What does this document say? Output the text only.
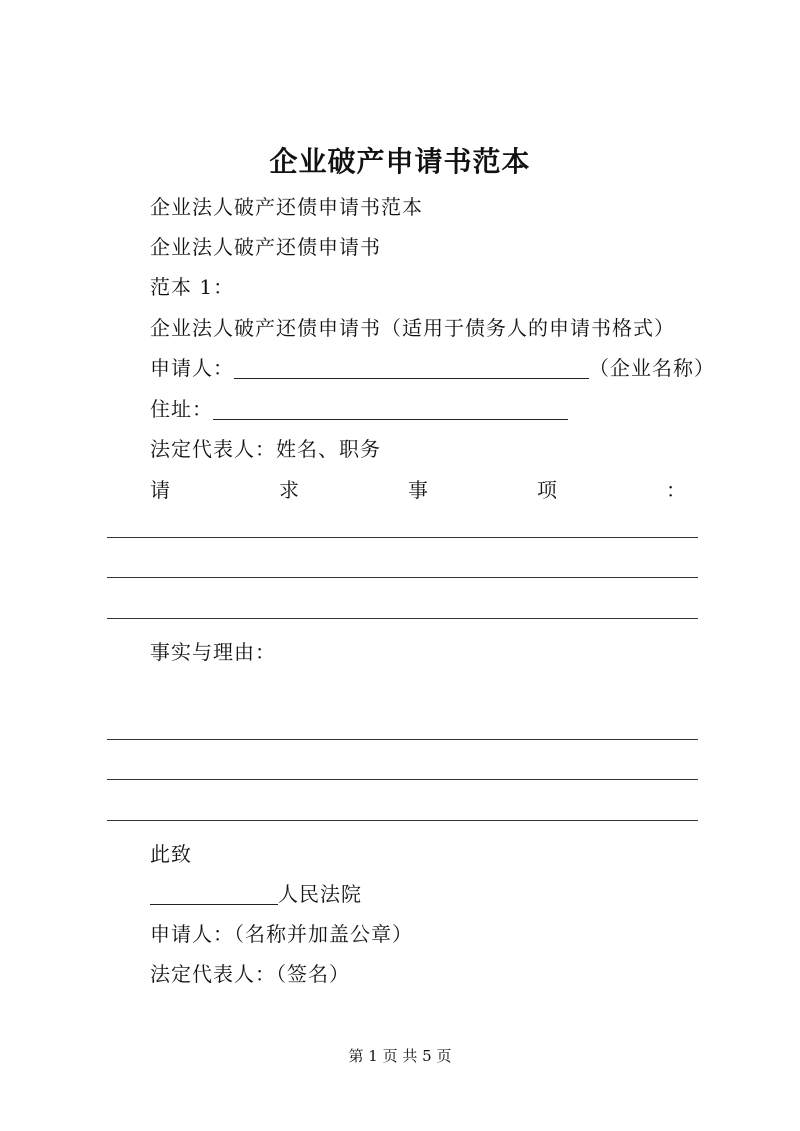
企业破产申请书范本
企业法人破产还债申请书范本
企业法人破产还债申请书
范本 1：
企业法人破产还债申请书（适用于债务人的申请书格式）
申请人：	（企业名称）
住址：
法定代表人：姓名、职务
请	求	事	项	：
事实与理由：
此致
人民法院
申请人：（名称并加盖公章）
法定代表人：（签名）
第 1 页 共 5 页
